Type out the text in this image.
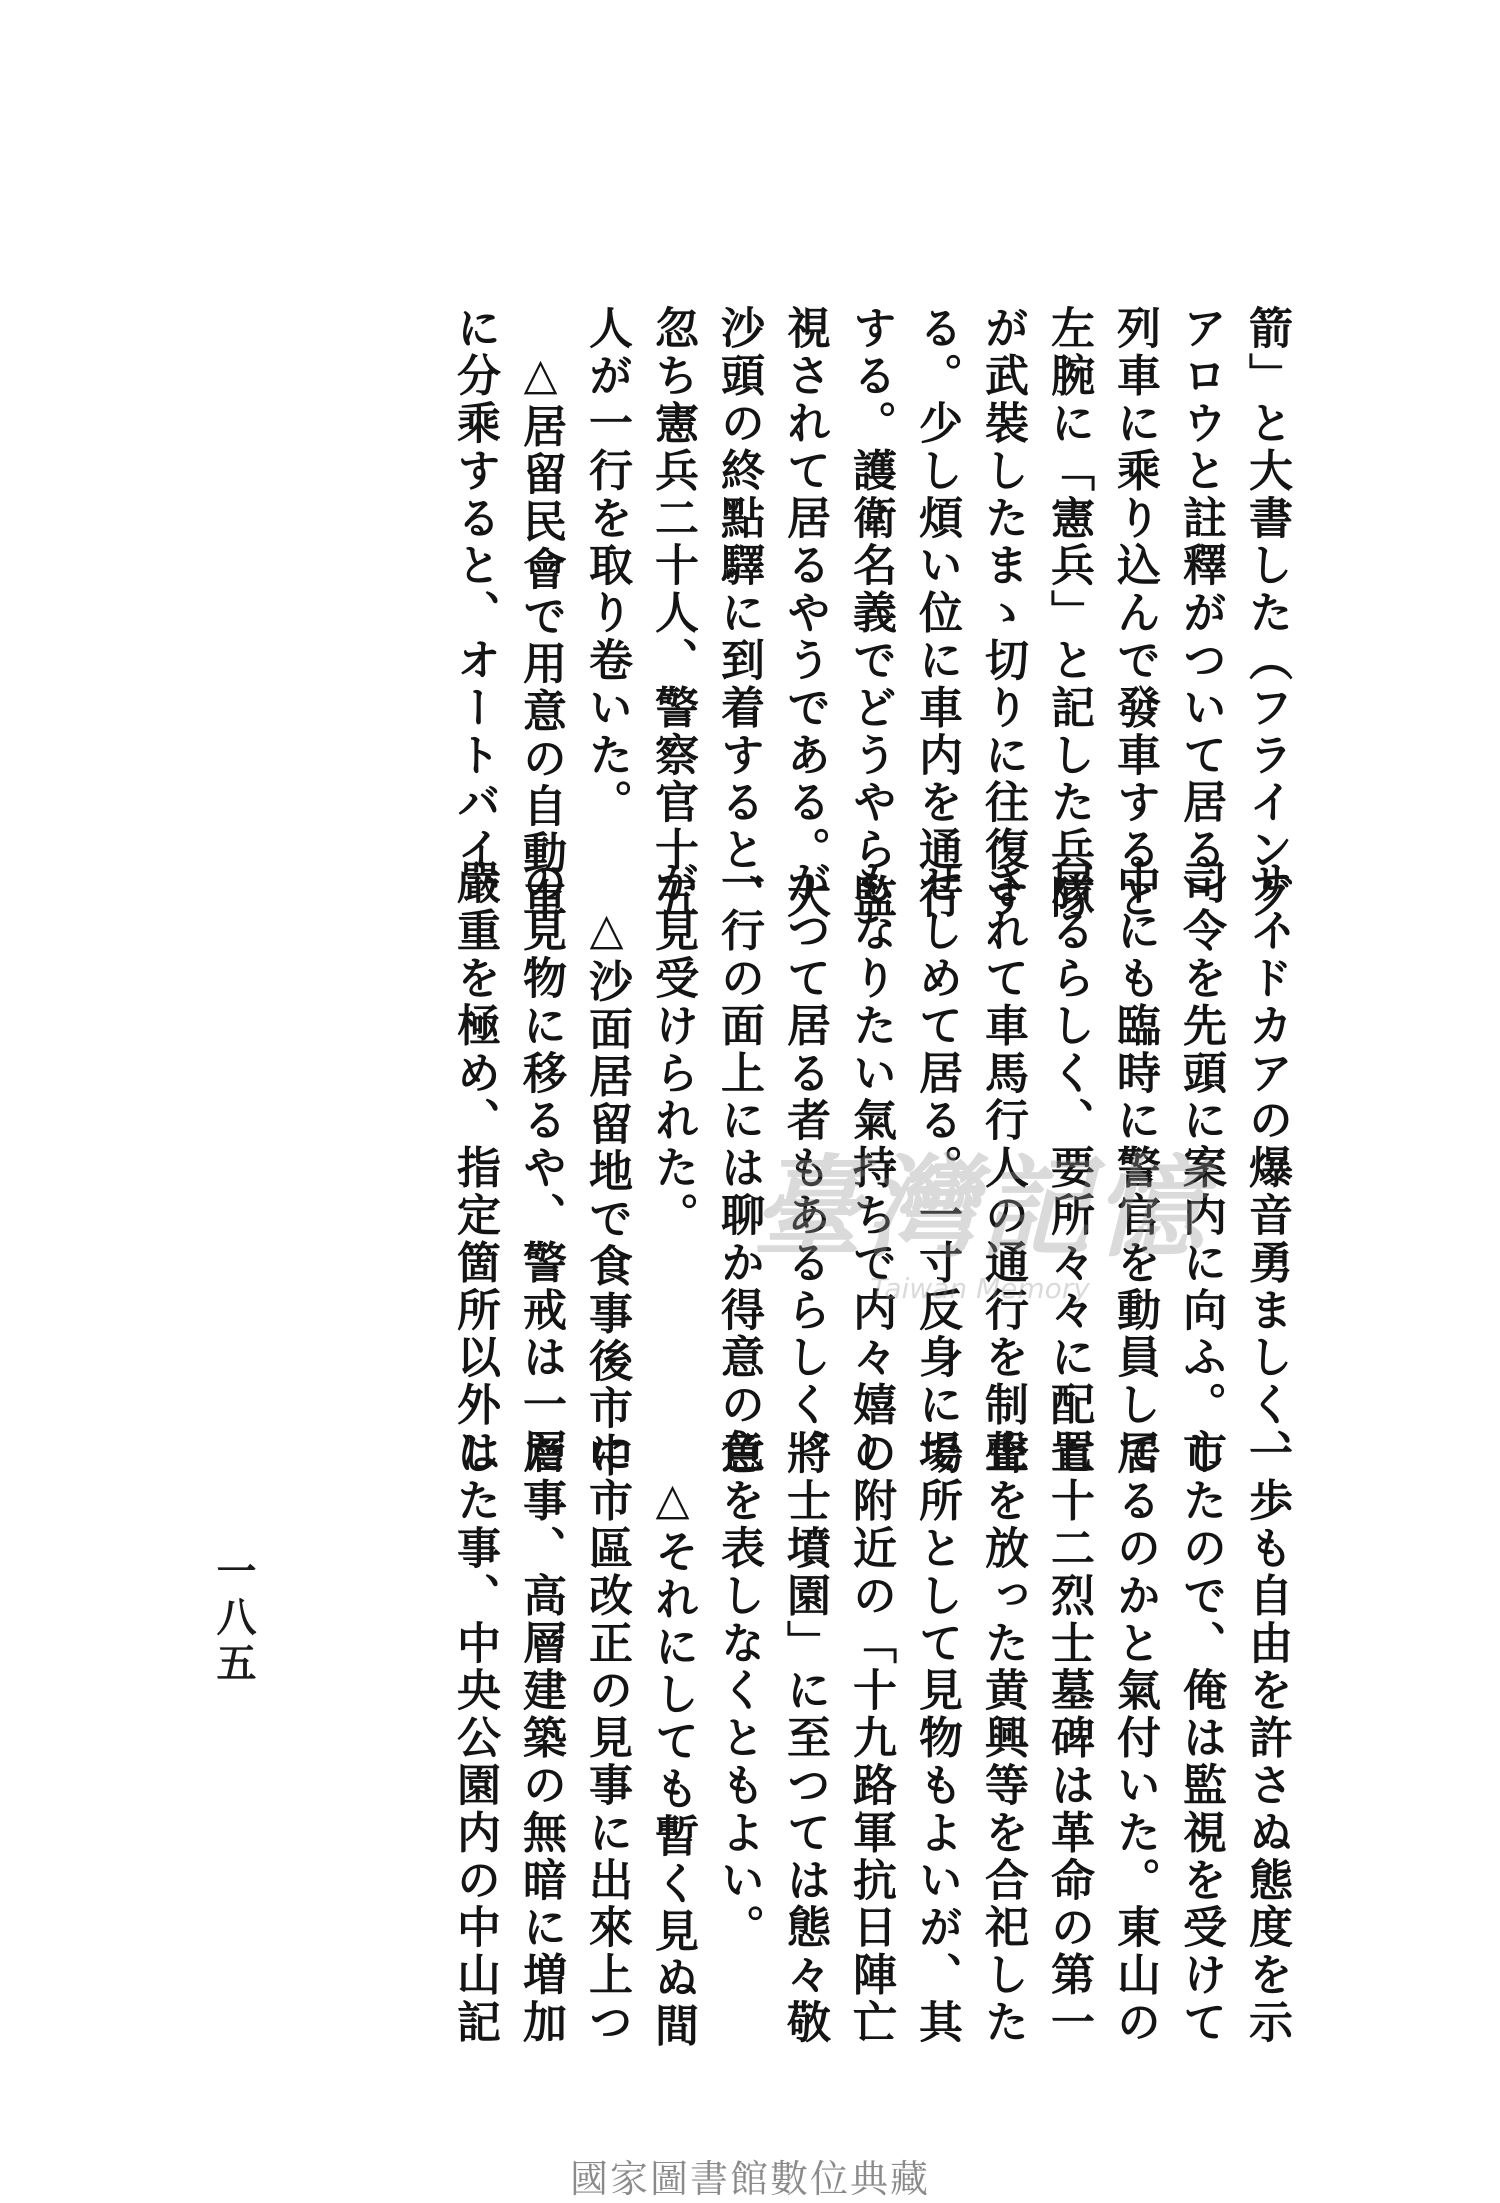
一歩も自由を許さぬ態度を示
したので、俺は監視を受けて
居るのかと氣付いた。東山の
七十二烈士墓碑は革命の第一
聲を放った黄興等を合祀した
場所として見物もよいが、其
の附近の「十九路軍抗日陣亡
將士墳園」に至つては態々敬
意を表しなくともよい。
△それにしても暫く見ぬ間
に市區改正の見事に出來上つ
た事、高層建築の無暗に増加
した事、中央公園内の中山記
サイドカアの爆音勇ましく、
司令を先頭に案内に向ふ。市
中にも臨時に警官を動員して
居るらしく、要所々々に配置
されて車馬行人の通行を制止
せしめて居る。一寸反身にで
もなりたい氣持ちで内々嬉し
がつて居る者もあるらしく、
一行の面上には聊か得意の色
が見受けられた。
△沙面居留地で食事後市中
の見物に移るや、警戒は一層
嚴重を極め、指定箇所以外は
箭」と大書した（フライング、
アロウと註釋がついて居る）
列車に乘り込んで發車すると
左腕に「憲兵」と記した兵隊
が武裝したまゝ切りに往復す
る。少し煩い位に車内を通行
する。護衛名義でどうやら監
視されて居るやうである。大
沙頭の終點驛に到着すると、
忽ち憲兵二十人、警察官十五
人が一行を取り卷いた。
△居留民會で用意の自動車
に分乘すると、オートバイ、
一八五
臺灣記憶
Taiwan Memory
國家圖書館數位典藏
